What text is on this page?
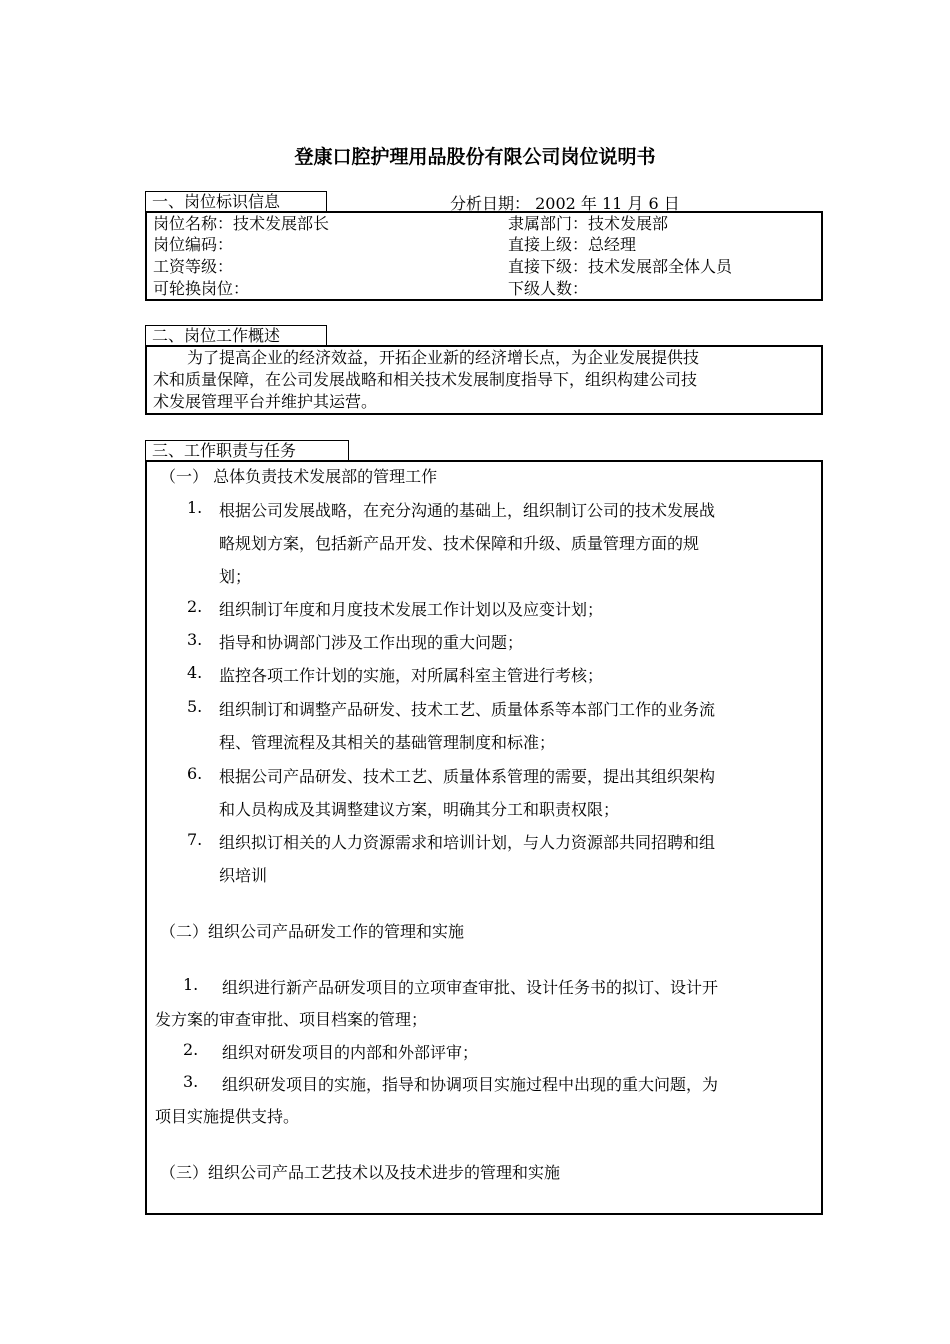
登康口腔护理用品股份有限公司岗位说明书
一、岗位标识信息	分析日期： 2002 年 11 月 6 日
岗位名称：技术发展部长
岗位编码：
工资等级：
可轮换岗位：
隶属部门：技术发展部
直接上级：总经理
直接下级：技术发展部全体人员
下级人数：
二、岗位工作概述
为了提高企业的经济效益，开拓企业新的经济增长点，为企业发展提供技
术和质量保障，在公司发展战略和相关技术发展制度指导下，组织构建公司技
术发展管理平台并维护其运营。
三、工作职责与任务
（一） 总体负责技术发展部的管理工作
1. 根据公司发展战略，在充分沟通的基础上，组织制订公司的技术发展战
略规划方案，包括新产品开发、技术保障和升级、质量管理方面的规
划；
2. 组织制订年度和月度技术发展工作计划以及应变计划；
3. 指导和协调部门涉及工作出现的重大问题；
4. 监控各项工作计划的实施，对所属科室主管进行考核；
5. 组织制订和调整产品研发、技术工艺、质量体系等本部门工作的业务流
程、管理流程及其相关的基础管理制度和标准；
6. 根据公司产品研发、技术工艺、质量体系管理的需要，提出其组织架构
和人员构成及其调整建议方案，明确其分工和职责权限；
7. 组织拟订相关的人力资源需求和培训计划，与人力资源部共同招聘和组
织培训
（二）组织公司产品研发工作的管理和实施
1. 组织进行新产品研发项目的立项审查审批、设计任务书的拟订、设计开
发方案的审查审批、项目档案的管理；
2. 组织对研发项目的内部和外部评审；
3. 组织研发项目的实施，指导和协调项目实施过程中出现的重大问题，为
项目实施提供支持。
（三）组织公司产品工艺技术以及技术进步的管理和实施
